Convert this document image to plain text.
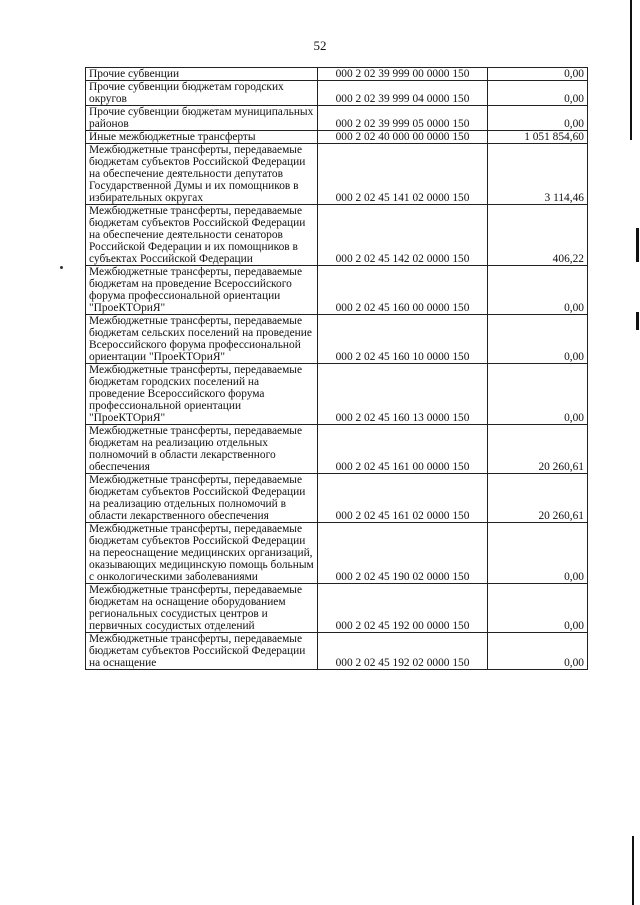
52
Прочие субвенции	000 2 02 39 999 00 0000 150	0,00
Прочие субвенции бюджетам городских округов	000 2 02 39 999 04 0000 150	0,00
Прочие субвенции бюджетам муниципальных районов	000 2 02 39 999 05 0000 150	0,00
Иные межбюджетные трансферты	000 2 02 40 000 00 0000 150	1 051 854,60
Межбюджетные трансферты, передаваемые бюджетам субъектов Российской Федерации на обеспечение деятельности депутатов Государственной Думы и их помощников в избирательных округах	000 2 02 45 141 02 0000 150	3 114,46
Межбюджетные трансферты, передаваемые бюджетам субъектов Российской Федерации на обеспечение деятельности сенаторов Российской Федерации и их помощников в субъектах Российской Федерации	000 2 02 45 142 02 0000 150	406,22
Межбюджетные трансферты, передаваемые бюджетам на проведение Всероссийского форума профессиональной ориентации "ПроеКТОриЯ"	000 2 02 45 160 00 0000 150	0,00
Межбюджетные трансферты, передаваемые бюджетам сельских поселений на проведение Всероссийского форума профессиональной ориентации "ПроеКТОриЯ"	000 2 02 45 160 10 0000 150	0,00
Межбюджетные трансферты, передаваемые бюджетам городских поселений на проведение Всероссийского форума профессиональной ориентации "ПроеКТОриЯ"	000 2 02 45 160 13 0000 150	0,00
Межбюджетные трансферты, передаваемые бюджетам на реализацию отдельных полномочий в области лекарственного обеспечения	000 2 02 45 161 00 0000 150	20 260,61
Межбюджетные трансферты, передаваемые бюджетам субъектов Российской Федерации на реализацию отдельных полномочий в области лекарственного обеспечения	000 2 02 45 161 02 0000 150	20 260,61
Межбюджетные трансферты, передаваемые бюджетам субъектов Российской Федерации на переоснащение медицинских организаций, оказывающих медицинскую помощь больным с онкологическими заболеваниями	000 2 02 45 190 02 0000 150	0,00
Межбюджетные трансферты, передаваемые бюджетам на оснащение оборудованием региональных сосудистых центров и первичных сосудистых отделений	000 2 02 45 192 00 0000 150	0,00
Межбюджетные трансферты, передаваемые бюджетам субъектов Российской Федерации на оснащение	000 2 02 45 192 02 0000 150	0,00
